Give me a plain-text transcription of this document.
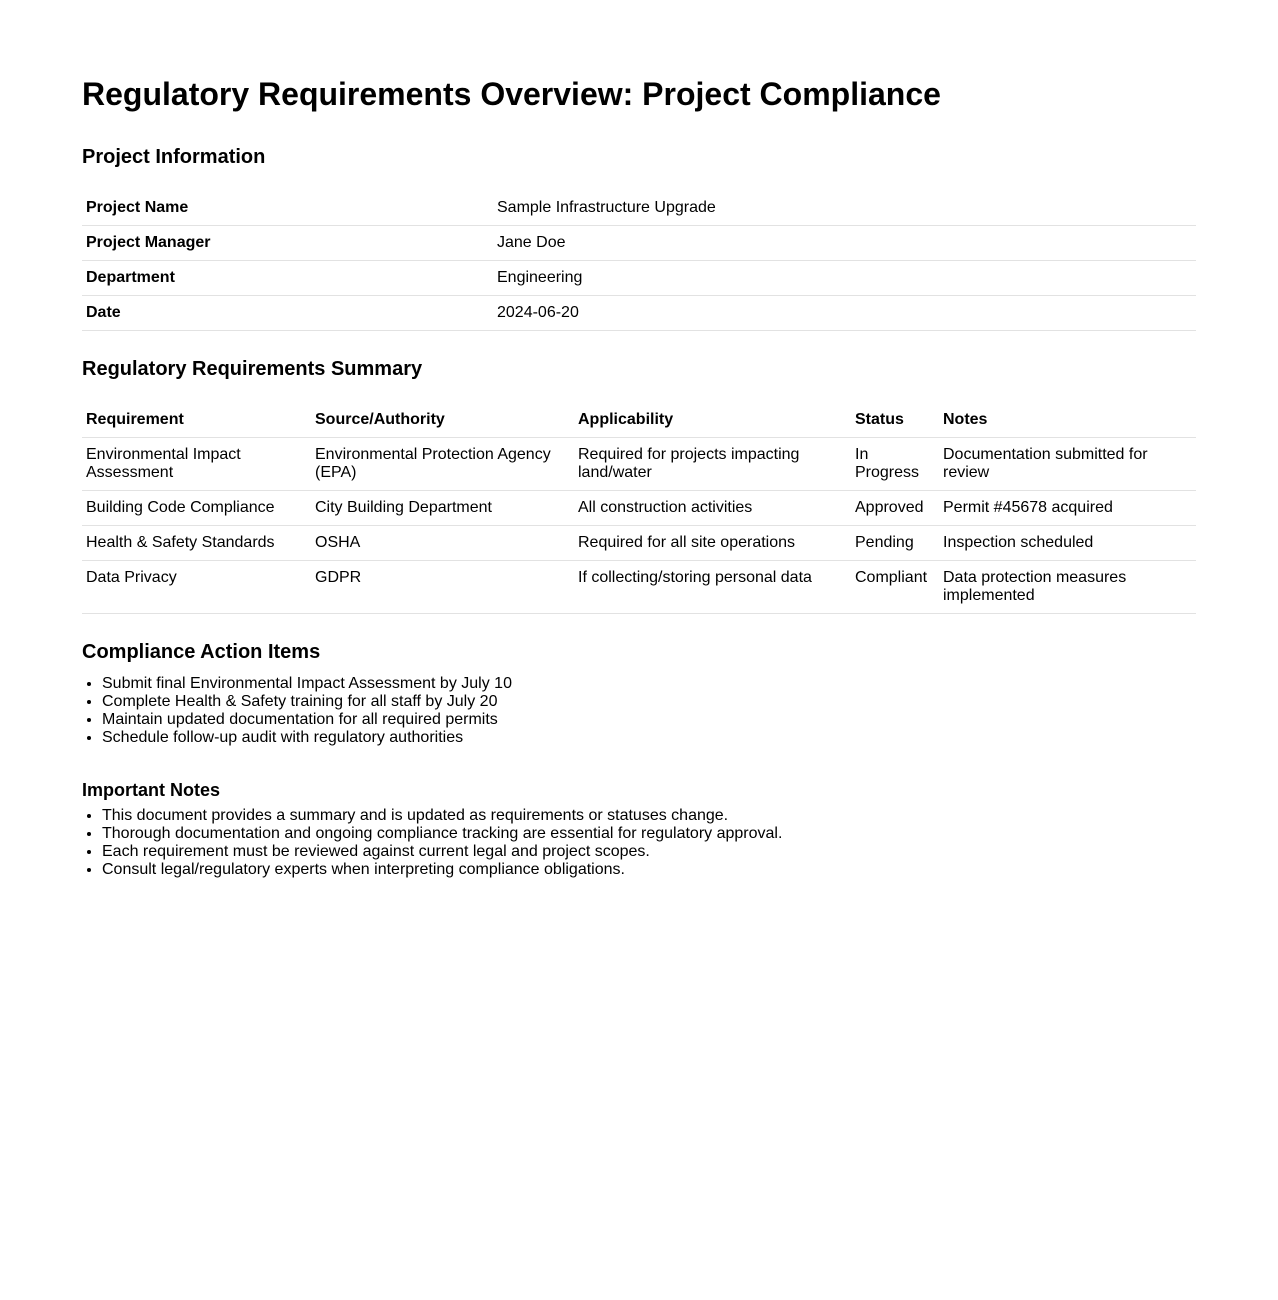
Regulatory Requirements Overview: Project Compliance
Project Information
Project Name	Sample Infrastructure Upgrade
Project Manager	Jane Doe
Department	Engineering
Date	2024-06-20
Regulatory Requirements Summary
Requirement	Source/Authority	Applicability	Status	Notes
Environmental Impact Assessment	Environmental Protection Agency (EPA)	Required for projects impacting land/water	In Progress	Documentation submitted for review
Building Code Compliance	City Building Department	All construction activities	Approved	Permit #45678 acquired
Health & Safety Standards	OSHA	Required for all site operations	Pending	Inspection scheduled
Data Privacy	GDPR	If collecting/storing personal data	Compliant	Data protection measures implemented
Compliance Action Items
• Submit final Environmental Impact Assessment by July 10
• Complete Health & Safety training for all staff by July 20
• Maintain updated documentation for all required permits
• Schedule follow-up audit with regulatory authorities
Important Notes
• This document provides a summary and is updated as requirements or statuses change.
• Thorough documentation and ongoing compliance tracking are essential for regulatory approval.
• Each requirement must be reviewed against current legal and project scopes.
• Consult legal/regulatory experts when interpreting compliance obligations.
